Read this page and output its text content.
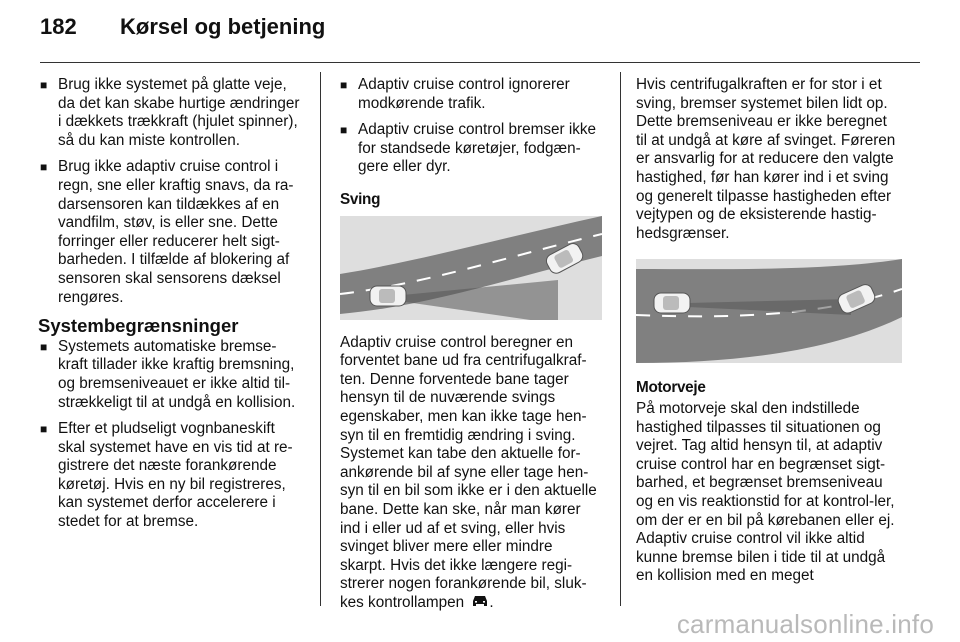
182	Kørsel og betjening
■ Brug ikke systemet på glatte veje, da det kan skabe hurtige ændringer i dækkets trækkraft (hjulet spinner), så du kan miste kontrollen.
■ Brug ikke adaptiv cruise control i regn, sne eller kraftig snavs, da ra-darsensoren kan tildækkes af en vandfilm, støv, is eller sne. Dette forringer eller reducerer helt sigt-barheden. I tilfælde af blokering af sensoren skal sensorens dæksel rengøres.
Systembegrænsninger
■ Systemets automatiske bremse-kraft tillader ikke kraftig bremsning, og bremseniveauet er ikke altid til-strækkeligt til at undgå en kollision.
■ Efter et pludseligt vognbaneskift skal systemet have en vis tid at re-gistrere det næste forankørende køretøj. Hvis en ny bil registreres, kan systemet derfor accelerere i stedet for at bremse.
■ Adaptiv cruise control ignorerer modkørende trafik.
■ Adaptiv cruise control bremser ikke for standsede køretøjer, fodgæn-gere eller dyr.
Sving

Adaptiv cruise control beregner en forventet bane ud fra centrifugalkraf-ten. Denne forventede bane tager hensyn til de nuværende svings egenskaber, men kan ikke tage hen-syn til en fremtidig ændring i sving. Systemet kan tabe den aktuelle for-ankørende bil af syne eller tage hen-syn til en bil som ikke er i den aktuelle bane. Dette kan ske, når man kører ind i eller ud af et sving, eller hvis svinget bliver mere eller mindre skarpt. Hvis det ikke længere regi-strerer nogen forankørende bil, sluk-kes kontrollampen .

Hvis centrifugalkraften er for stor i et sving, bremser systemet bilen lidt op. Dette bremseniveau er ikke beregnet til at undgå at køre af svinget. Føreren er ansvarlig for at reducere den valgte hastighed, før han kører ind i et sving og generelt tilpasse hastigheden efter vejtypen og de eksisterende hastig-hedsgrænser.

Motorveje

På motorveje skal den indstillede hastighed tilpasses til situationen og vejret. Tag altid hensyn til, at adaptiv cruise control har en begrænset sigt-barhed, et begrænset bremseniveau og en vis reaktionstid for at kontrol-ler, om der er en bil på kørebanen eller ej. Adaptiv cruise control vil ikke altid kunne bremse bilen i tide til at undgå en kollision med en meget

carmanualsonline.info
